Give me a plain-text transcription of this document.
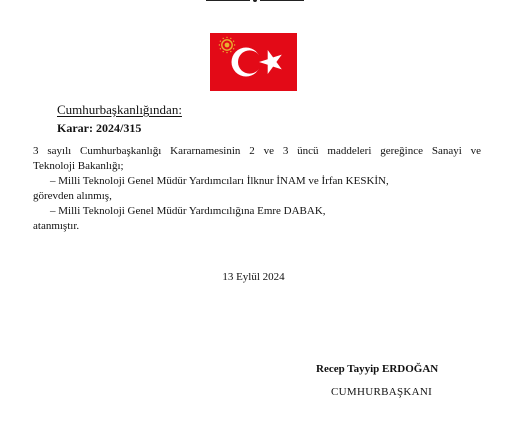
Cumhurbaşkanlığından:
Karar: 2024/315
3 sayılı Cumhurbaşkanlığı Kararnamesinin 2 ve 3 üncü maddeleri gereğince Sanayi ve
Teknoloji Bakanlığı;
– Milli Teknoloji Genel Müdür Yardımcıları İlknur İNAM ve İrfan KESKİN,
görevden alınmış,
– Milli Teknoloji Genel Müdür Yardımcılığına Emre DABAK,
atanmıştır.
13 Eylül 2024
Recep Tayyip ERDOĞAN
CUMHURBAŞKANI
